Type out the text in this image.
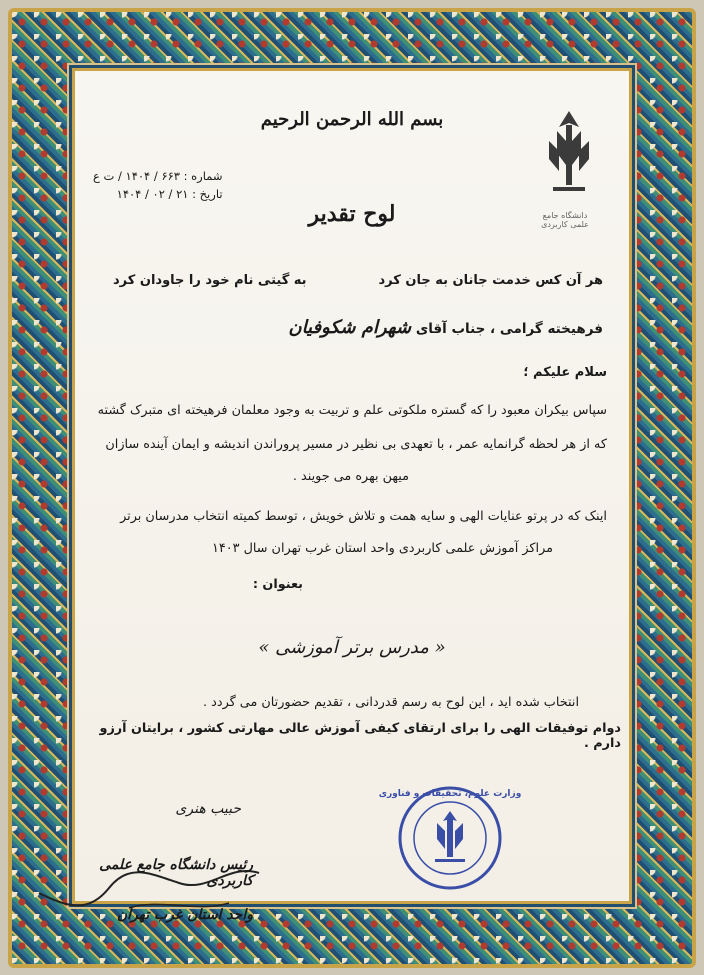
بسم الله الرحمن الرحیم
دانشگاه جامع علمی کاربردی
شماره : ۶۶۳ / ۱۴۰۴ / ت ع
تاریخ : ۲۱ / ۰۲ / ۱۴۰۴
لوح تقدیر
هر آن کس خدمت جانان به جان کرد
به گیتی نام خود را جاودان کرد
فرهیخته گرامی ، جناب آقای شهرام شکوفیان
سلام علیکم ؛
سپاس بیکران معبود را که گستره ملکوتی علم و تربیت به وجود معلمان فرهیخته ای متبرک گشته
که از هر لحظه گرانمایه عمر ، با تعهدی بی نظیر در مسیر پروراندن اندیشه و ایمان آینده سازان
میهن بهره می جویند .
اینک که در پرتو عنایات الهی و سایه همت و تلاش خویش ، توسط کمیته انتخاب مدرسان برتر
مراکز آموزش علمی کاربردی واحد استان غرب تهران سال ۱۴۰۳
بعنوان :
« مدرس برتر آموزشی »
انتخاب شده اید ، این لوح به رسم قدردانی ، تقدیم حضورتان می گردد .
دوام توفیقات الهی را برای ارتقای کیفی آموزش عالی مهارتی کشور ، برایتان آرزو دارم .
وزارت علوم، تحقیقات و فناوری
حبیب هنری
رئیس دانشگاه جامع علمی کاربردی
واحد استان غرب تهران
